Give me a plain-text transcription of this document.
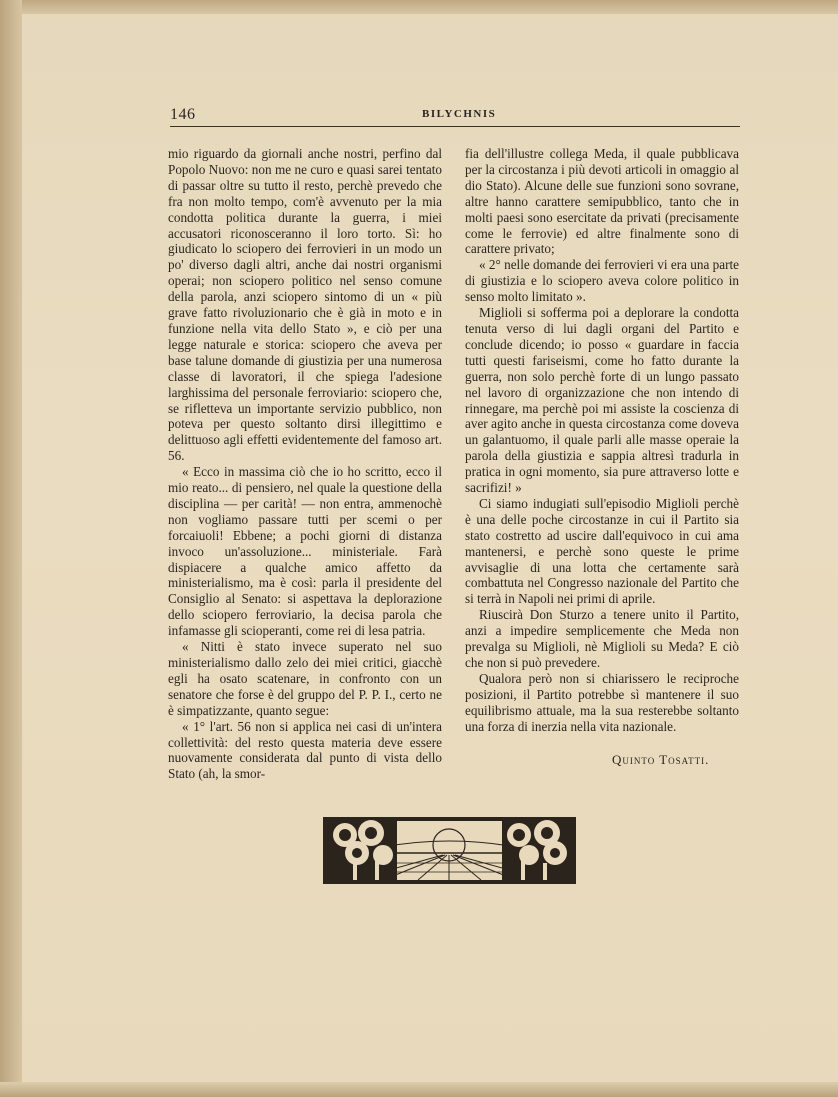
146	BILYCHNIS

mio riguardo da giornali anche nostri, perfino dal Popolo Nuovo: non me ne curo e quasi sarei tentato di passar oltre su tutto il resto, perchè prevedo che fra non molto tempo, com'è avvenuto per la mia condotta politica durante la guerra, i miei accusatori riconosceranno il loro torto. Sì: ho giudicato lo sciopero dei ferrovieri in un modo un po' diverso dagli altri, anche dai nostri organismi operai; non sciopero politico nel senso comune della parola, anzi sciopero sintomo di un « più grave fatto rivoluzionario che è già in moto e in funzione nella vita dello Stato », e ciò per una legge naturale e storica: sciopero che aveva per base talune domande di giustizia per una numerosa classe di lavoratori, il che spiega l'adesione larghissima del personale ferroviario: sciopero che, se rifletteva un importante servizio pubblico, non poteva per questo soltanto dirsi illegittimo e delittuoso agli effetti evidentemente del famoso art. 56.

« Ecco in massima ciò che io ho scritto, ecco il mio reato... di pensiero, nel quale la questione della disciplina — per carità! — non entra, ammenochè non vogliamo passare tutti per scemi o per forcaiuoli! Ebbene; a pochi giorni di distanza invoco un'assoluzione... ministeriale. Farà dispiacere a qualche amico affetto da ministerialismo, ma è così: parla il presidente del Consiglio al Senato: si aspettava la deplorazione dello sciopero ferroviario, la decisa parola che infamasse gli scioperanti, come rei di lesa patria.

« Nitti è stato invece superato nel suo ministerialismo dallo zelo dei miei critici, giacchè egli ha osato scatenare, in confronto con un senatore che forse è del gruppo del P. P. I., certo ne è simpatizzante, quanto segue:

« 1° l'art. 56 non si applica nei casi di un'intera collettività: del resto questa materia deve essere nuovamente considerata dal punto di vista dello Stato (ah, la smor-

fia dell'illustre collega Meda, il quale pubblicava per la circostanza i più devoti articoli in omaggio al dio Stato). Alcune delle sue funzioni sono sovrane, altre hanno carattere semipubblico, tanto che in molti paesi sono esercitate da privati (precisamente come le ferrovie) ed altre finalmente sono di carattere privato;

« 2° nelle domande dei ferrovieri vi era una parte di giustizia e lo sciopero aveva colore politico in senso molto limitato ».

Miglioli si sofferma poi a deplorare la condotta tenuta verso di lui dagli organi del Partito e conclude dicendo; io posso « guardare in faccia tutti questi fariseismi, come ho fatto durante la guerra, non solo perchè forte di un lungo passato nel lavoro di organizzazione che non intendo di rinnegare, ma perchè poi mi assiste la coscienza di aver agito anche in questa circostanza come doveva un galantuomo, il quale parli alle masse operaie la parola della giustizia e sappia altresì tradurla in pratica in ogni momento, sia pure attraverso lotte e sacrifizi! »

Ci siamo indugiati sull'episodio Miglioli perchè è una delle poche circostanze in cui il Partito sia stato costretto ad uscire dall'equivoco in cui ama mantenersi, e perchè sono queste le prime avvisaglie di una lotta che certamente sarà combattuta nel Congresso nazionale del Partito che si terrà in Napoli nei primi di aprile.

Riuscirà Don Sturzo a tenere unito il Partito, anzi a impedire semplicemente che Meda non prevalga su Miglioli, nè Miglioli su Meda? E ciò che non si può prevedere.

Qualora però non si chiarissero le reciproche posizioni, il Partito potrebbe sì mantenere il suo equilibrismo attuale, ma la sua resterebbe soltanto una forza di inerzia nella vita nazionale.

Quinto Tosatti.
